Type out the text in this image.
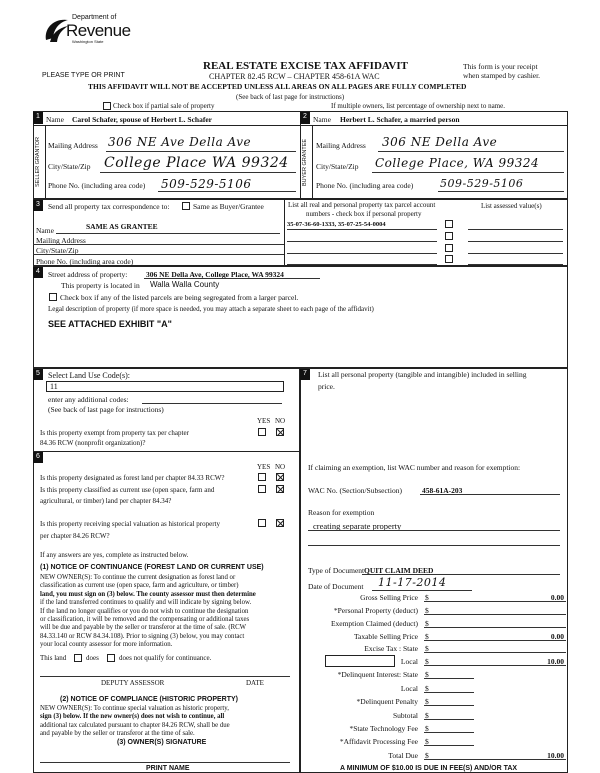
Department of
Revenue
Washington State
PLEASE TYPE OR PRINT
REAL ESTATE EXCISE TAX AFFIDAVIT
CHAPTER 82.45 RCW – CHAPTER 458-61A WAC
This form is your receipt
when stamped by cashier.
THIS AFFIDAVIT WILL NOT BE ACCEPTED UNLESS ALL AREAS ON ALL PAGES ARE FULLY COMPLETED
(See back of last page for instructions)
Check box if partial sale of property	If multiple owners, list percentage of ownership next to name.
1	2
Name Carol Schafer, spouse of Herbert L. Schafer
SELLER GRANTOR Mailing Address 306 NE Ave Della Ave
City/State/Zip College Place WA 99324
Phone No. (including area code) 509-529-5106
Name Herbert L. Schafer, a married person
BUYER GRANTEE Mailing Address 306 NE Della Ave
City/State/Zip College Place, WA 99324
Phone No. (including area code) 509-529-5106
3	Send all property tax correspondence to:	Same as Buyer/Grantee
Name	SAME AS GRANTEE
Mailing Address
City/State/Zip
Phone No. (including area code)
List all real and personal property tax parcel account
numbers - check box if personal property
List assessed value(s)
35-07-36-60-1333, 35-07-25-54-0004
4	Street address of property: 306 NE Della Ave, College Place, WA 99324
This property is located in Walla Walla County
Check box if any of the listed parcels are being segregated from a larger parcel.
Legal description of property (if more space is needed, you may attach a separate sheet to each page of the affidavit)
SEE ATTACHED EXHIBIT "A"
5	Select Land Use Code(s):
11
enter any additional codes:
(See back of last page for instructions)
YES NO
Is this property exempt from property tax per chapter
84.36 RCW (nonprofit organization)?
6
YES NO
Is this property designated as forest land per chapter 84.33 RCW?
Is this property classified as current use (open space, farm and
agricultural, or timber) land per chapter 84.34?
Is this property receiving special valuation as historical property
per chapter 84.26 RCW?
If any answers are yes, complete as instructed below.
(1) NOTICE OF CONTINUANCE (FOREST LAND OR CURRENT USE)
NEW OWNER(S): To continue the current designation as forest land or
classification as current use (open space, farm and agriculture, or timber)
land, you must sign on (3) below. The county assessor must then determine
if the land transferred continues to qualify and will indicate by signing below.
If the land no longer qualifies or you do not wish to continue the designation
or classification, it will be removed and the compensating or additional taxes
will be due and payable by the seller or transferor at the time of sale. (RCW
84.33.140 or RCW 84.34.108). Prior to signing (3) below, you may contact
your local county assessor for more information.
This land	does	does not qualify for continuance.
DEPUTY ASSESSOR	DATE
(2) NOTICE OF COMPLIANCE (HISTORIC PROPERTY)
NEW OWNER(S): To continue special valuation as historic property,
sign (3) below. If the new owner(s) does not wish to continue, all
additional tax calculated pursuant to chapter 84.26 RCW, shall be due
and payable by the seller or transferor at the time of sale.
(3) OWNER(S) SIGNATURE
PRINT NAME
7	List all personal property (tangible and intangible) included in selling
price.
If claiming an exemption, list WAC number and reason for exemption:
WAC No. (Section/Subsection)	458-61A-203
Reason for exemption
creating separate property
Type of Document QUIT CLAIM DEED
Date of Document 11-17-2014
Gross Selling Price $	0.00
*Personal Property (deduct) $
Exemption Claimed (deduct) $
Taxable Selling Price $	0.00
Excise Tax : State $
Local $	10.00
*Delinquent Interest: State $
Local $
*Delinquent Penalty $
Subtotal $
*State Technology Fee $
*Affidavit Processing Fee $
Total Due $	10.00
A MINIMUM OF $10.00 IS DUE IN FEE(S) AND/OR TAX
